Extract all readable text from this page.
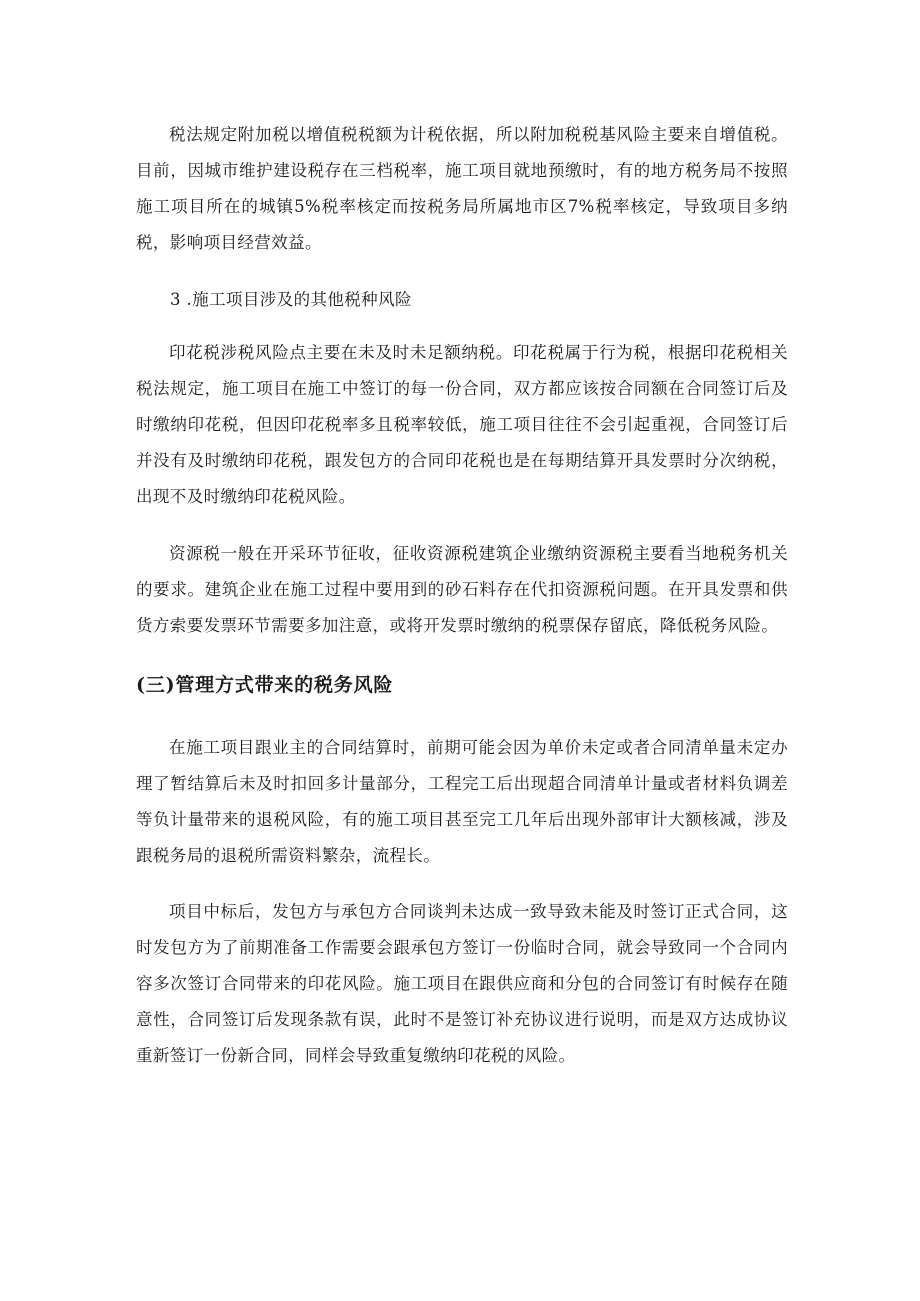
税法规定附加税以增值税税额为计税依据，所以附加税税基风险主要来自增值税。目前，因城市维护建设税存在三档税率，施工项目就地预缴时，有的地方税务局不按照施工项目所在的城镇5%税率核定而按税务局所属地市区7%税率核定，导致项目多纳税，影响项目经营效益。

3 .施工项目涉及的其他税种风险

印花税涉税风险点主要在未及时未足额纳税。印花税属于行为税，根据印花税相关税法规定，施工项目在施工中签订的每一份合同，双方都应该按合同额在合同签订后及时缴纳印花税，但因印花税率多且税率较低，施工项目往往不会引起重视，合同签订后并没有及时缴纳印花税，跟发包方的合同印花税也是在每期结算开具发票时分次纳税，出现不及时缴纳印花税风险。

资源税一般在开采环节征收，征收资源税建筑企业缴纳资源税主要看当地税务机关的要求。建筑企业在施工过程中要用到的砂石料存在代扣资源税问题。在开具发票和供货方索要发票环节需要多加注意，或将开发票时缴纳的税票保存留底，降低税务风险。

(三)管理方式带来的税务风险

在施工项目跟业主的合同结算时，前期可能会因为单价未定或者合同清单量未定办理了暂结算后未及时扣回多计量部分，工程完工后出现超合同清单计量或者材料负调差等负计量带来的退税风险，有的施工项目甚至完工几年后出现外部审计大额核减，涉及跟税务局的退税所需资料繁杂，流程长。

项目中标后，发包方与承包方合同谈判未达成一致导致未能及时签订正式合同，这时发包方为了前期准备工作需要会跟承包方签订一份临时合同，就会导致同一个合同内容多次签订合同带来的印花风险。施工项目在跟供应商和分包的合同签订有时候存在随意性，合同签订后发现条款有误，此时不是签订补充协议进行说明，而是双方达成协议重新签订一份新合同，同样会导致重复缴纳印花税的风险。
